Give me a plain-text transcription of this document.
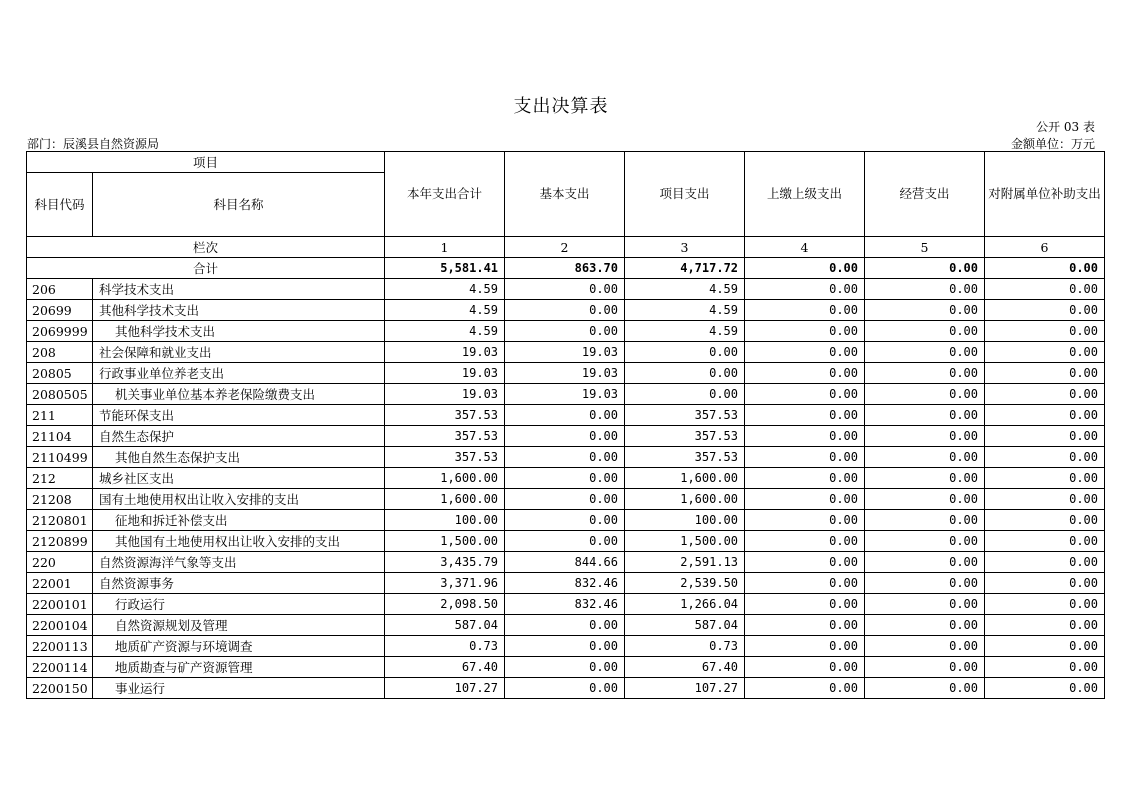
支出决算表
公开 03 表
部门：辰溪县自然资源局	金额单位：万元
项目		本年支出合计	基本支出	项目支出	上缴上级支出	经营支出	对附属单位补助支出
科目代码	科目名称						
栏次		1	2	3	4	5	6
合计		5,581.41	863.70	4,717.72	0.00	0.00	0.00
206	科学技术支出	4.59	0.00	4.59	0.00	0.00	0.00
20699	其他科学技术支出	4.59	0.00	4.59	0.00	0.00	0.00
2069999	其他科学技术支出	4.59	0.00	4.59	0.00	0.00	0.00
208	社会保障和就业支出	19.03	19.03	0.00	0.00	0.00	0.00
20805	行政事业单位养老支出	19.03	19.03	0.00	0.00	0.00	0.00
2080505	机关事业单位基本养老保险缴费支出	19.03	19.03	0.00	0.00	0.00	0.00
211	节能环保支出	357.53	0.00	357.53	0.00	0.00	0.00
21104	自然生态保护	357.53	0.00	357.53	0.00	0.00	0.00
2110499	其他自然生态保护支出	357.53	0.00	357.53	0.00	0.00	0.00
212	城乡社区支出	1,600.00	0.00	1,600.00	0.00	0.00	0.00
21208	国有土地使用权出让收入安排的支出	1,600.00	0.00	1,600.00	0.00	0.00	0.00
2120801	征地和拆迁补偿支出	100.00	0.00	100.00	0.00	0.00	0.00
2120899	其他国有土地使用权出让收入安排的支出	1,500.00	0.00	1,500.00	0.00	0.00	0.00
220	自然资源海洋气象等支出	3,435.79	844.66	2,591.13	0.00	0.00	0.00
22001	自然资源事务	3,371.96	832.46	2,539.50	0.00	0.00	0.00
2200101	行政运行	2,098.50	832.46	1,266.04	0.00	0.00	0.00
2200104	自然资源规划及管理	587.04	0.00	587.04	0.00	0.00	0.00
2200113	地质矿产资源与环境调查	0.73	0.00	0.73	0.00	0.00	0.00
2200114	地质勘查与矿产资源管理	67.40	0.00	67.40	0.00	0.00	0.00
2200150	事业运行	107.27	0.00	107.27	0.00	0.00	0.00
